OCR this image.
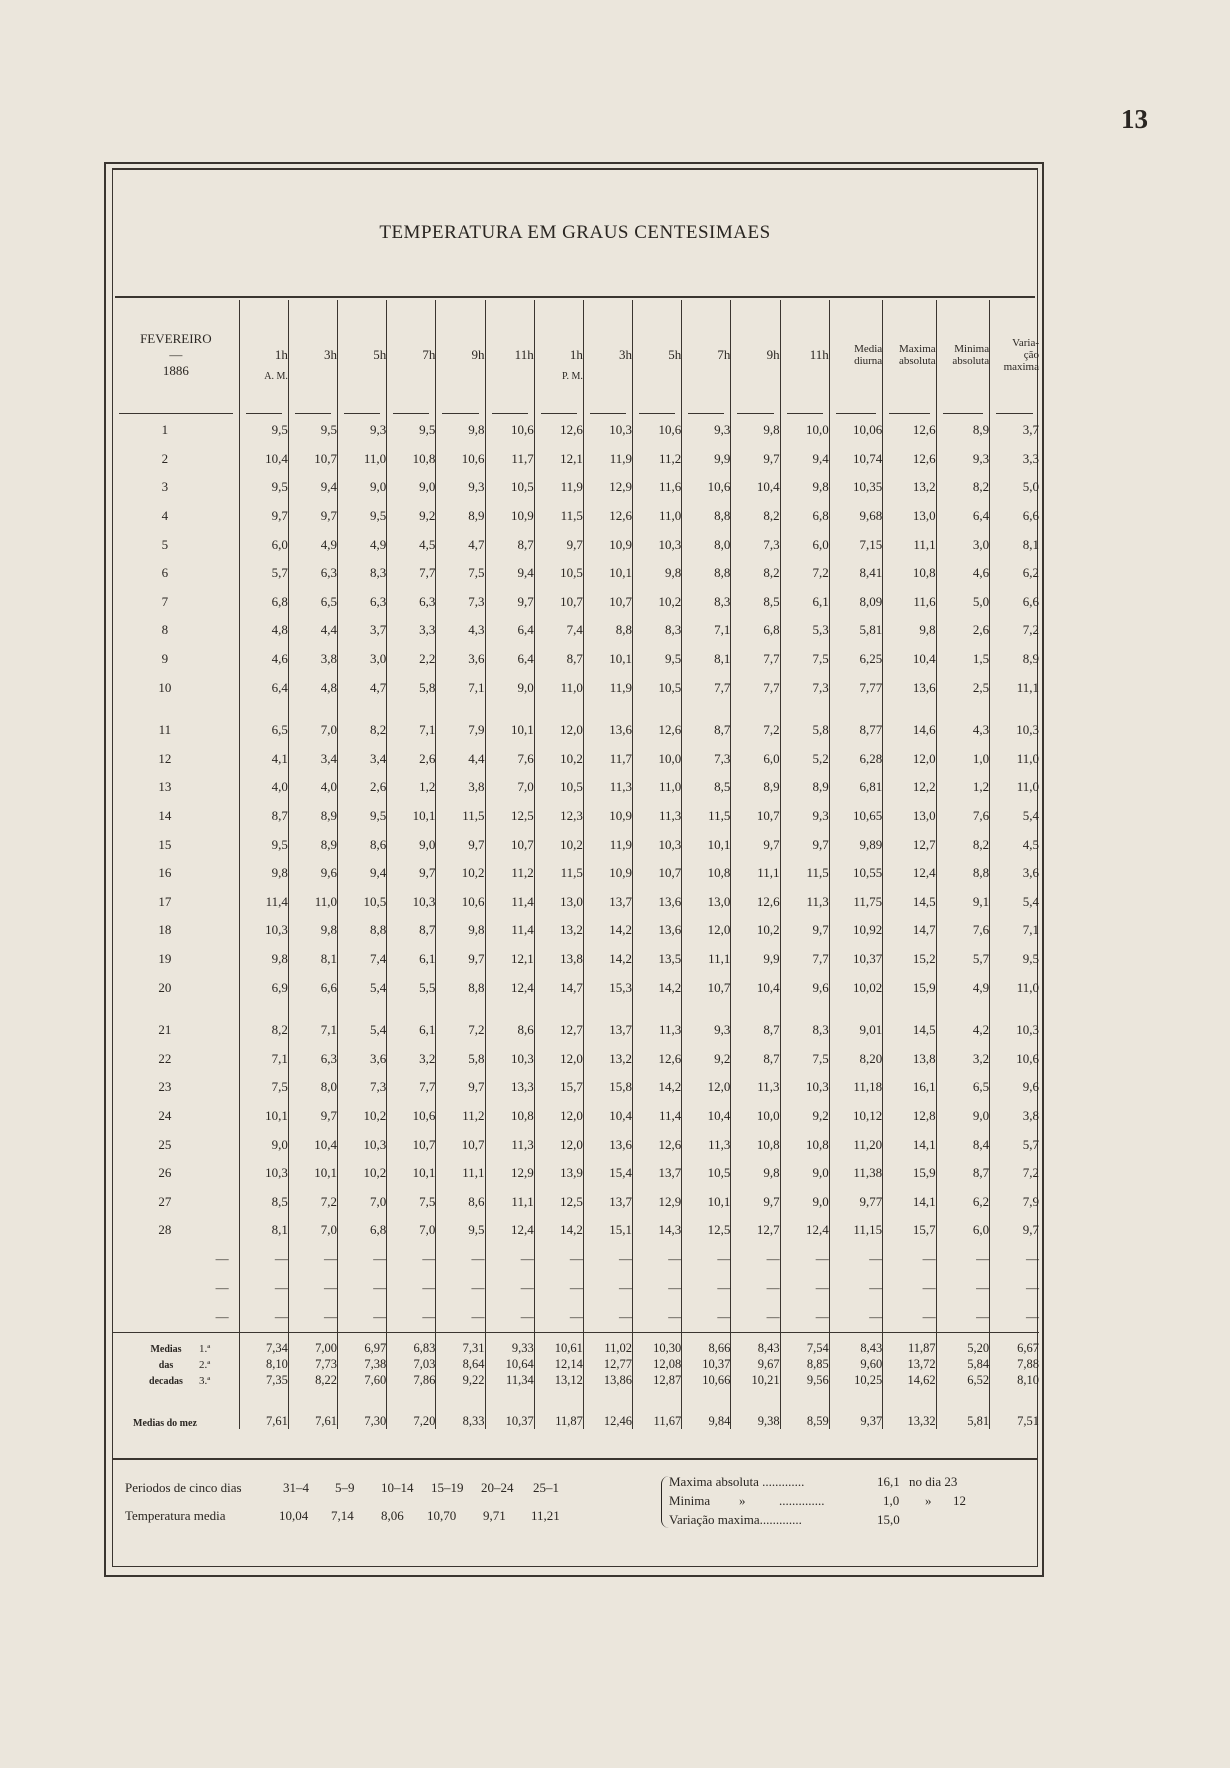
13
TEMPERATURA EM GRAUS CENTESIMAES
FEVEREIRO
—
1886	1h
A. M.	3h	5h	7h	9h	11h	1h
P. M.	3h	5h	7h	9h	11h	Media
diurna	Maxima
absoluta	Minima
absoluta	Varia-
ção
maxima

1	9,5	9,5	9,3	9,5	9,8	10,6	12,6	10,3	10,6	9,3	9,8	10,0	10,06	12,6	8,9	3,7
2	10,4	10,7	11,0	10,8	10,6	11,7	12,1	11,9	11,2	9,9	9,7	9,4	10,74	12,6	9,3	3,3
3	9,5	9,4	9,0	9,0	9,3	10,5	11,9	12,9	11,6	10,6	10,4	9,8	10,35	13,2	8,2	5,0
4	9,7	9,7	9,5	9,2	8,9	10,9	11,5	12,6	11,0	8,8	8,2	6,8	9,68	13,0	6,4	6,6
5	6,0	4,9	4,9	4,5	4,7	8,7	9,7	10,9	10,3	8,0	7,3	6,0	7,15	11,1	3,0	8,1
6	5,7	6,3	8,3	7,7	7,5	9,4	10,5	10,1	9,8	8,8	8,2	7,2	8,41	10,8	4,6	6,2
7	6,8	6,5	6,3	6,3	7,3	9,7	10,7	10,7	10,2	8,3	8,5	6,1	8,09	11,6	5,0	6,6
8	4,8	4,4	3,7	3,3	4,3	6,4	7,4	8,8	8,3	7,1	6,8	5,3	5,81	9,8	2,6	7,2
9	4,6	3,8	3,0	2,2	3,6	6,4	8,7	10,1	9,5	8,1	7,7	7,5	6,25	10,4	1,5	8,9
10	6,4	4,8	4,7	5,8	7,1	9,0	11,0	11,9	10,5	7,7	7,7	7,3	7,77	13,6	2,5	11,1

11	6,5	7,0	8,2	7,1	7,9	10,1	12,0	13,6	12,6	8,7	7,2	5,8	8,77	14,6	4,3	10,3
12	4,1	3,4	3,4	2,6	4,4	7,6	10,2	11,7	10,0	7,3	6,0	5,2	6,28	12,0	1,0	11,0
13	4,0	4,0	2,6	1,2	3,8	7,0	10,5	11,3	11,0	8,5	8,9	8,9	6,81	12,2	1,2	11,0
14	8,7	8,9	9,5	10,1	11,5	12,5	12,3	10,9	11,3	11,5	10,7	9,3	10,65	13,0	7,6	5,4
15	9,5	8,9	8,6	9,0	9,7	10,7	10,2	11,9	10,3	10,1	9,7	9,7	9,89	12,7	8,2	4,5
16	9,8	9,6	9,4	9,7	10,2	11,2	11,5	10,9	10,7	10,8	11,1	11,5	10,55	12,4	8,8	3,6
17	11,4	11,0	10,5	10,3	10,6	11,4	13,0	13,7	13,6	13,0	12,6	11,3	11,75	14,5	9,1	5,4
18	10,3	9,8	8,8	8,7	9,8	11,4	13,2	14,2	13,6	12,0	10,2	9,7	10,92	14,7	7,6	7,1
19	9,8	8,1	7,4	6,1	9,7	12,1	13,8	14,2	13,5	11,1	9,9	7,7	10,37	15,2	5,7	9,5
20	6,9	6,6	5,4	5,5	8,8	12,4	14,7	15,3	14,2	10,7	10,4	9,6	10,02	15,9	4,9	11,0

21	8,2	7,1	5,4	6,1	7,2	8,6	12,7	13,7	11,3	9,3	8,7	8,3	9,01	14,5	4,2	10,3
22	7,1	6,3	3,6	3,2	5,8	10,3	12,0	13,2	12,6	9,2	8,7	7,5	8,20	13,8	3,2	10,6
23	7,5	8,0	7,3	7,7	9,7	13,3	15,7	15,8	14,2	12,0	11,3	10,3	11,18	16,1	6,5	9,6
24	10,1	9,7	10,2	10,6	11,2	10,8	12,0	10,4	11,4	10,4	10,0	9,2	10,12	12,8	9,0	3,8
25	9,0	10,4	10,3	10,7	10,7	11,3	12,0	13,6	12,6	11,3	10,8	10,8	11,20	14,1	8,4	5,7
26	10,3	10,1	10,2	10,1	11,1	12,9	13,9	15,4	13,7	10,5	9,8	9,0	11,38	15,9	8,7	7,2
27	8,5	7,2	7,0	7,5	8,6	11,1	12,5	13,7	12,9	10,1	9,7	9,0	9,77	14,1	6,2	7,9
28	8,1	7,0	6,8	7,0	9,5	12,4	14,2	15,1	14,3	12,5	12,7	12,4	11,15	15,7	6,0	9,7
—	—	—	—	—	—	—	—	—	—	—	—	—	—	—	—	—
—	—	—	—	—	—	—	—	—	—	—	—	—	—	—	—	—
—	—	—	—	—	—	—	—	—	—	—	—	—	—	—	—	—

Medias 1.ª	7,34	7,00	6,97	6,83	7,31	9,33	10,61	11,02	10,30	8,66	8,43	7,54	8,43	11,87	5,20	6,67
das 2.ª	8,10	7,73	7,38	7,03	8,64	10,64	12,14	12,77	12,08	10,37	9,67	8,85	9,60	13,72	5,84	7,88
decadas 3.ª	7,35	8,22	7,60	7,86	9,22	11,34	13,12	13,86	12,87	10,66	10,21	9,56	10,25	14,62	6,52	8,10
Medias do mez	7,61	7,61	7,30	7,20	8,33	10,37	11,87	12,46	11,67	9,84	9,38	8,59	9,37	13,32	5,81	7,51
Periodos de cinco dias	31–4 5–9 10–14 15–19 20–24 25–1
Temperatura media	10,04 7,14 8,06 10,70 9,71 11,21
Maxima absoluta .............	16,1 no dia 23
Minima »	..............	1,0 » 12
Variação maxima.............	15,0
